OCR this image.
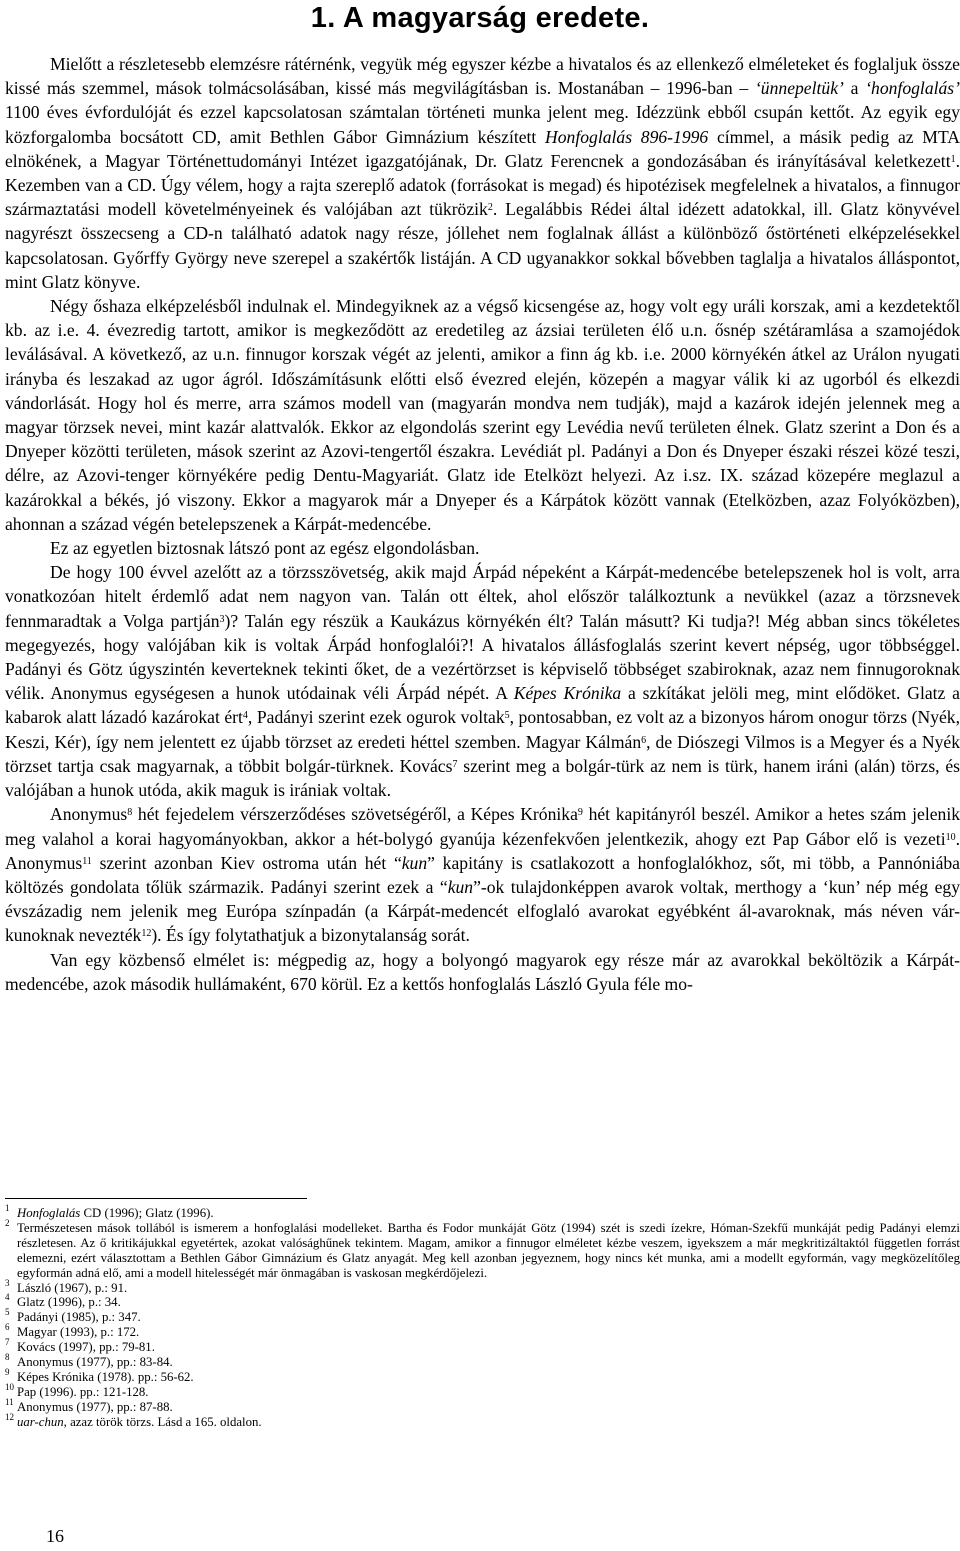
1. A magyarság eredete.

Mielőtt a részletesebb elemzésre rátérnénk, vegyük még egyszer kézbe a hivatalos és az ellenkező elméleteket és foglaljuk össze kissé más szemmel, mások tolmácsolásában, kissé más megvilágításban is. Mostanában – 1996-ban – ‘ünnepeltük’ a ‘honfoglalás’ 1100 éves évfordulóját és ezzel kapcsolatosan számtalan történeti munka jelent meg. Idézzünk ebből csupán kettőt. Az egyik egy közforgalomba bocsátott CD, amit Bethlen Gábor Gimnázium készített Honfoglalás 896-1996 címmel, a másik pedig az MTA elnökének, a Magyar Történettudományi Intézet igazgatójának, Dr. Glatz Ferencnek a gondozásában és irányításával keletkezett$^1$. Kezemben van a CD. Úgy vélem, hogy a rajta szereplő adatok (forrásokat is megad) és hipotézisek megfelelnek a hivatalos, a finnugor származtatási modell követelményeinek és valójában azt tükrözik$^2$. Legalábbis Rédei által idézett adatokkal, ill. Glatz könyvével nagyrészt összecseng a CD-n található adatok nagy része, jóllehet nem foglalnak állást a különböző őstörténeti elképzelésekkel kapcsolatosan. Győrffy György neve szerepel a szakértők listáján. A CD ugyanakkor sokkal bővebben taglalja a hivatalos álláspontot, mint Glatz könyve.

Négy őshaza elképzelésből indulnak el. Mindegyiknek az a végső kicsengése az, hogy volt egy uráli korszak, ami a kezdetektől kb. az i.e. 4. évezredig tartott, amikor is megkeződött az eredetileg az ázsiai területen élő u.n. ősnép szétáramlása a szamojédok leválásával. A következő, az u.n. finnugor korszak végét az jelenti, amikor a finn ág kb. i.e. 2000 környékén átkel az Urálon nyugati irányba és leszakad az ugor ágról. Időszámításunk előtti első évezred elején, közepén a magyar válik ki az ugorból és elkezdi vándorlását. Hogy hol és merre, arra számos modell van (magyarán mondva nem tudják), majd a kazárok idején jelennek meg a magyar törzsek nevei, mint kazár alattvalók. Ekkor az elgondolás szerint egy Levédia nevű területen élnek. Glatz szerint a Don és a Dnyeper közötti területen, mások szerint az Azovi-tengertől északra. Levédiát pl. Padányi a Don és Dnyeper északi részei közé teszi, délre, az Azovi-tenger környékére pedig Dentu-Magyariát. Glatz ide Etelközt helyezi. Az i.sz. IX. század közepére meglazul a kazárokkal a békés, jó viszony. Ekkor a magyarok már a Dnyeper és a Kárpátok között vannak (Etelközben, azaz Folyóközben), ahonnan a század végén betelepszenek a Kárpát-medencébe.

Ez az egyetlen biztosnak látszó pont az egész elgondolásban.

De hogy 100 évvel azelőtt az a törzsszövetség, akik majd Árpád népeként a Kárpát-medencébe betelepszenek hol is volt, arra vonatkozóan hitelt érdemlő adat nem nagyon van. Talán ott éltek, ahol először találkoztunk a nevükkel (azaz a törzsnevek fennmaradtak a Volga partján$^3$)? Talán egy részük a Kaukázus környékén élt? Talán másutt? Ki tudja?! Még abban sincs tökéletes megegyezés, hogy valójában kik is voltak Árpád honfoglalói?! A hivatalos állásfoglalás szerint kevert népség, ugor többséggel. Padányi és Götz úgyszintén keverteknek tekinti őket, de a vezértörzset is képviselő többséget szabiroknak, azaz nem finnugoroknak vélik. Anonymus egységesen a hunok utódainak véli Árpád népét. A Képes Krónika a szkítákat jelöli meg, mint elődöket. Glatz a kabarok alatt lázadó kazárokat ért$^4$, Padányi szerint ezek ogurok voltak$^5$, pontosabban, ez volt az a bizonyos három onogur törzs (Nyék, Keszi, Kér), így nem jelentett ez újabb törzset az eredeti héttel szemben. Magyar Kálmán$^6$, de Diószegi Vilmos is a Megyer és a Nyék törzset tartja csak magyarnak, a többit bolgár-türknek. Kovács$^7$ szerint meg a bolgár-türk az nem is türk, hanem iráni (alán) törzs, és valójában a hunok utóda, akik maguk is irániak voltak.

Anonymus$^8$ hét fejedelem vérszerződéses szövetségéről, a Képes Krónika$^9$ hét kapitányról beszél. Amikor a hetes szám jelenik meg valahol a korai hagyományokban, akkor a hét-bolygó gyanúja kézenfekvően jelentkezik, ahogy ezt Pap Gábor elő is vezeti$^{10}$. Anonymus$^{11}$ szerint azonban Kiev ostroma után hét “kun” kapitány is csatlakozott a honfoglalókhoz, sőt, mi több, a Pannóniába költözés gondolata tőlük származik. Padányi szerint ezek a “kun”-ok tulajdonképpen avarok voltak, merthogy a ‘kun’ nép még egy évszázadig nem jelenik meg Európa színpadán (a Kárpát-medencét elfoglaló avarokat egyébként ál-avaroknak, más néven vár-kunoknak nevezték$^{12}$). És így folytathatjuk a bizonytalanság sorát.

Van egy közbenső elmélet is: mégpedig az, hogy a bolyongó magyarok egy része már az avarokkal beköltözik a Kárpát-medencébe, azok második hullámaként, 670 körül. Ez a kettős honfoglalás László Gyula féle mo-

1 Honfoglalás CD (1996); Glatz (1996).
2 Természetesen mások tollából is ismerem a honfoglalási modelleket. Bartha és Fodor munkáját Götz (1994) szét is szedi ízekre, Hóman-Szekfű munkáját pedig Padányi elemzi részletesen. Az ő kritikájukkal egyetértek, azokat valósághűnek tekintem. Magam, amikor a finnugor elméletet kézbe veszem, igyekszem a már megkritizáltaktól független forrást elemezni, ezért választottam a Bethlen Gábor Gimnázium és Glatz anyagát. Meg kell azonban jegyeznem, hogy nincs két munka, ami a modellt egyformán, vagy megközelítőleg egyformán adná elő, ami a modell hitelességét már önmagában is vaskosan megkérdőjelezi.
3 László (1967), p.: 91.
4 Glatz (1996), p.: 34.
5 Padányi (1985), p.: 347.
6 Magyar (1993), p.: 172.
7 Kovács (1997), pp.: 79-81.
8 Anonymus (1977), pp.: 83-84.
9 Képes Krónika (1978). pp.: 56-62.
10 Pap (1996). pp.: 121-128.
11 Anonymus (1977), pp.: 87-88.
12 uar-chun, azaz török törzs. Lásd a 165. oldalon.
16
